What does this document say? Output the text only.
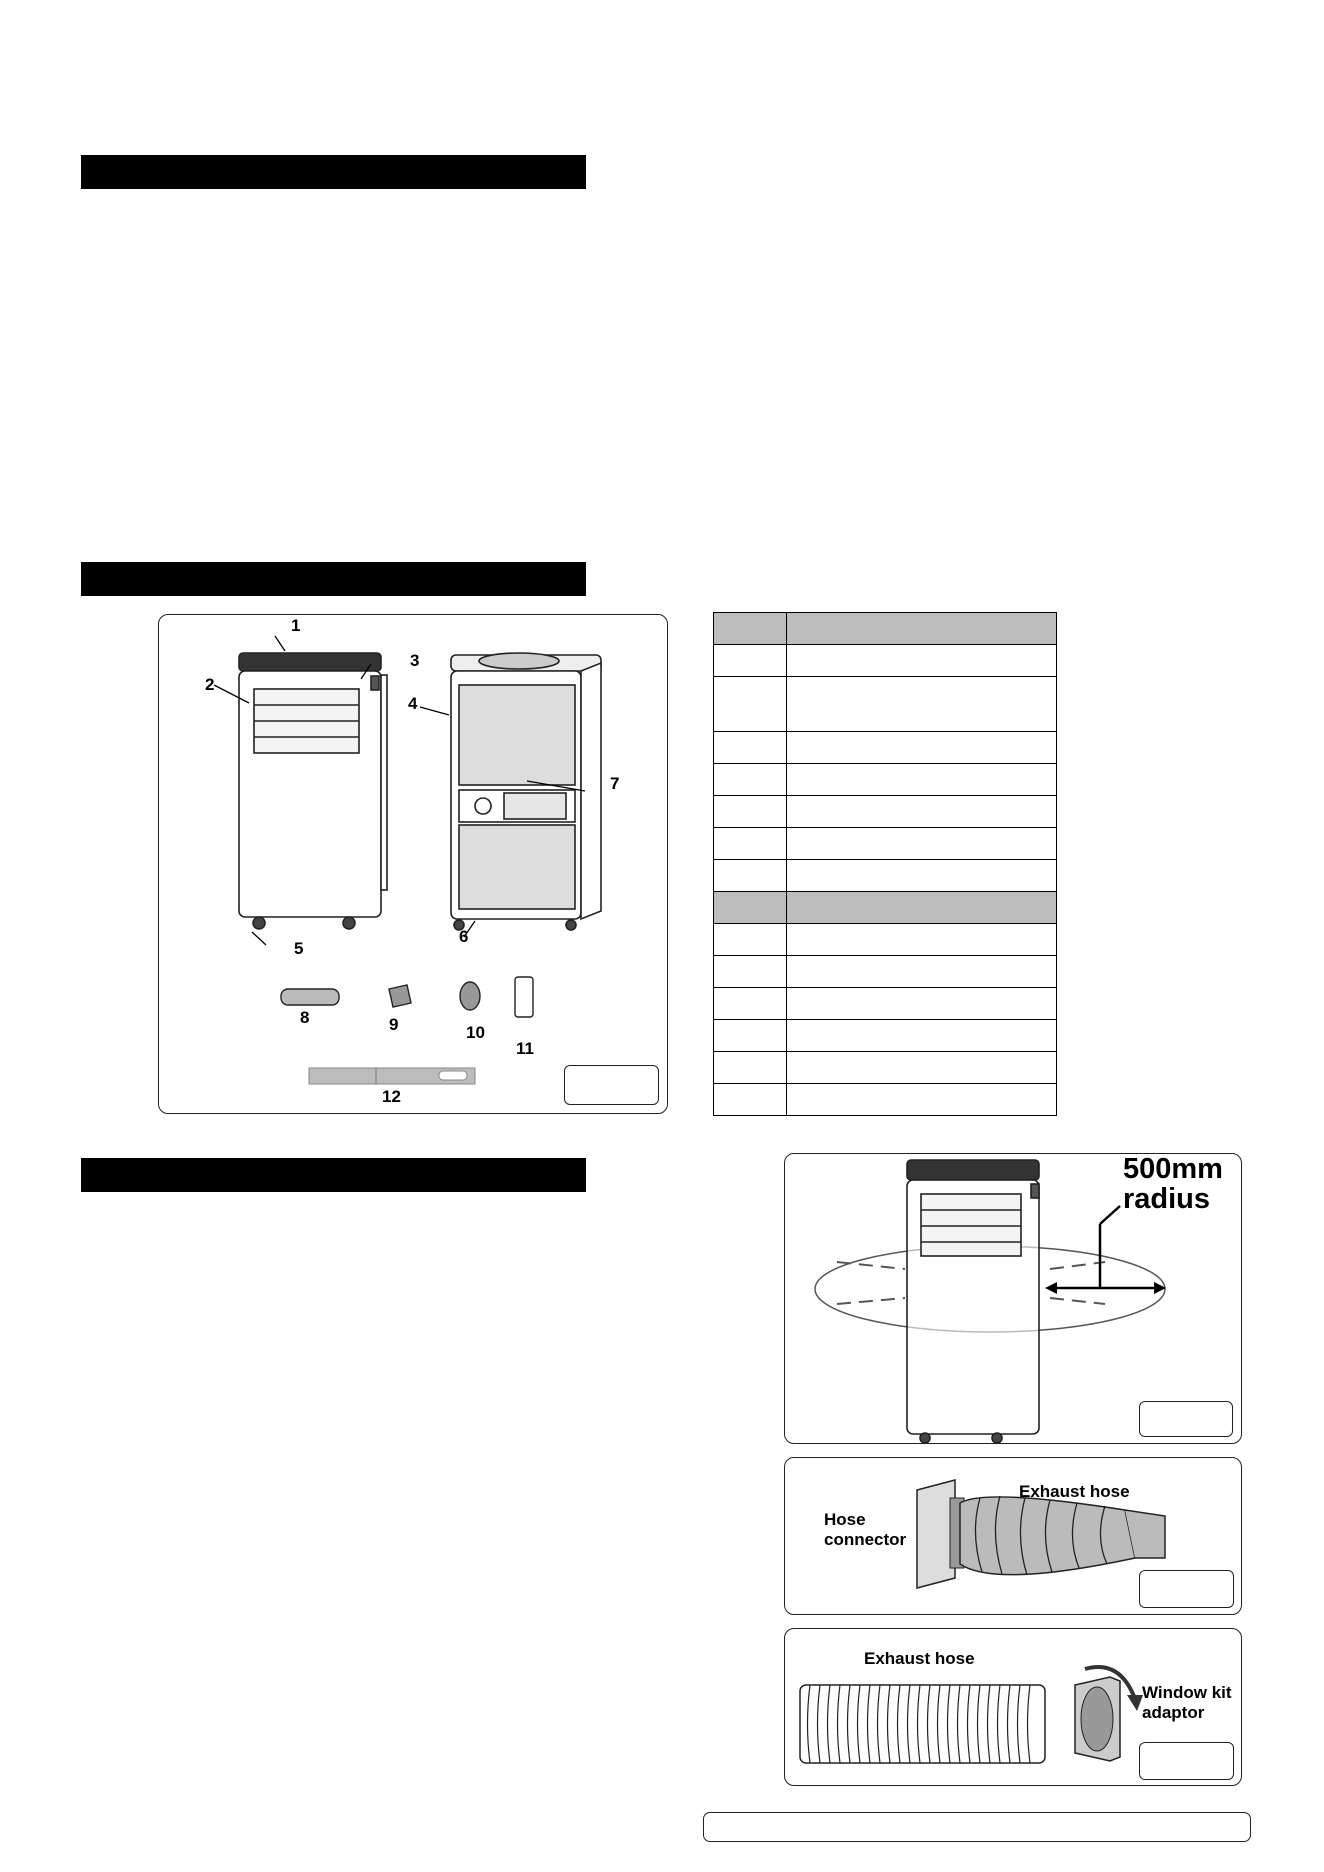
1
2
3
4
5
6
7
8	9	10
11
12

500mm
radius
Hose
connector
Exhaust hose
Exhaust hose
Window kit
adaptor
